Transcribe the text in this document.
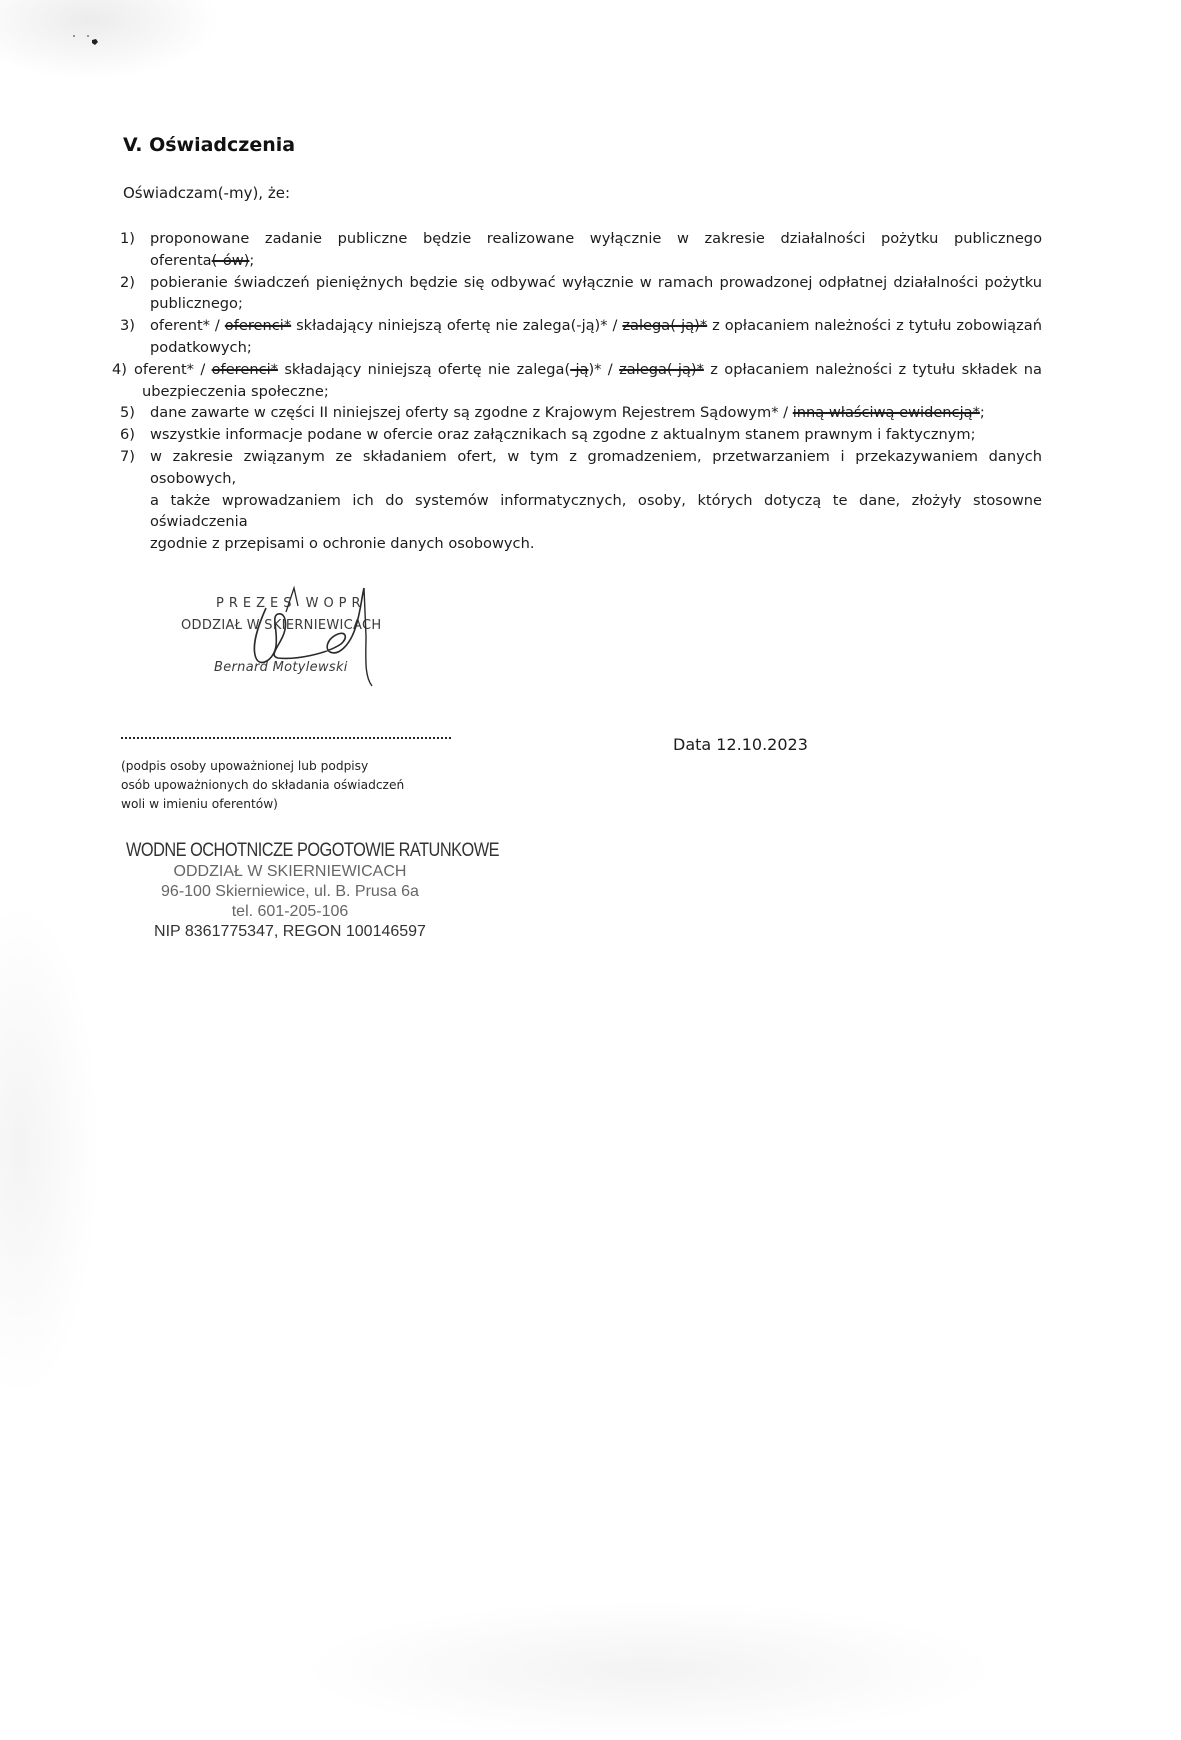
V. Oświadczenia
Oświadczam(-my), że:
1) proponowane zadanie publiczne będzie realizowane wyłącznie w zakresie działalności pożytku publicznego

oferenta(-ów);

2) pobieranie świadczeń pieniężnych będzie się odbywać wyłącznie w ramach prowadzonej odpłatnej działalności pożytku

publicznego;

3) oferent* / oferenci* składający niniejszą ofertę nie zalega(-ją)* / zalega(-ją)* z opłacaniem należności z tytułu zobowiązań

podatkowych;

4) oferent* / oferenci* składający niniejszą ofertę nie zalega(-ją)* / zalega(-ją)* z opłacaniem należności z tytułu składek na

ubezpieczenia społeczne;

5) dane zawarte w części II niniejszej oferty są zgodne z Krajowym Rejestrem Sądowym* / inną właściwą ewidencją*;

6) wszystkie informacje podane w ofercie oraz załącznikach są zgodne z aktualnym stanem prawnym i faktycznym;

7) w zakresie związanym ze składaniem ofert, w tym z gromadzeniem, przetwarzaniem i przekazywaniem danych osobowych,

a także wprowadzaniem ich do systemów informatycznych, osoby, których dotyczą te dane, złożyły stosowne oświadczenia

zgodnie z przepisami o ochronie danych osobowych.

PREZES WOPR
ODDZIAŁ W SKIERNIEWICACH
Bernard Motylewski
Data 12.10.2023
(podpis osoby upoważnionej lub podpisy
osób upoważnionych do składania oświadczeń
woli w imieniu oferentów)
WODNE OCHOTNICZE POGOTOWIE RATUNKOWE
ODDZIAŁ W SKIERNIEWICACH
96-100 Skierniewice, ul. B. Prusa 6a
tel. 601-205-106
NIP 8361775347, REGON 100146597
